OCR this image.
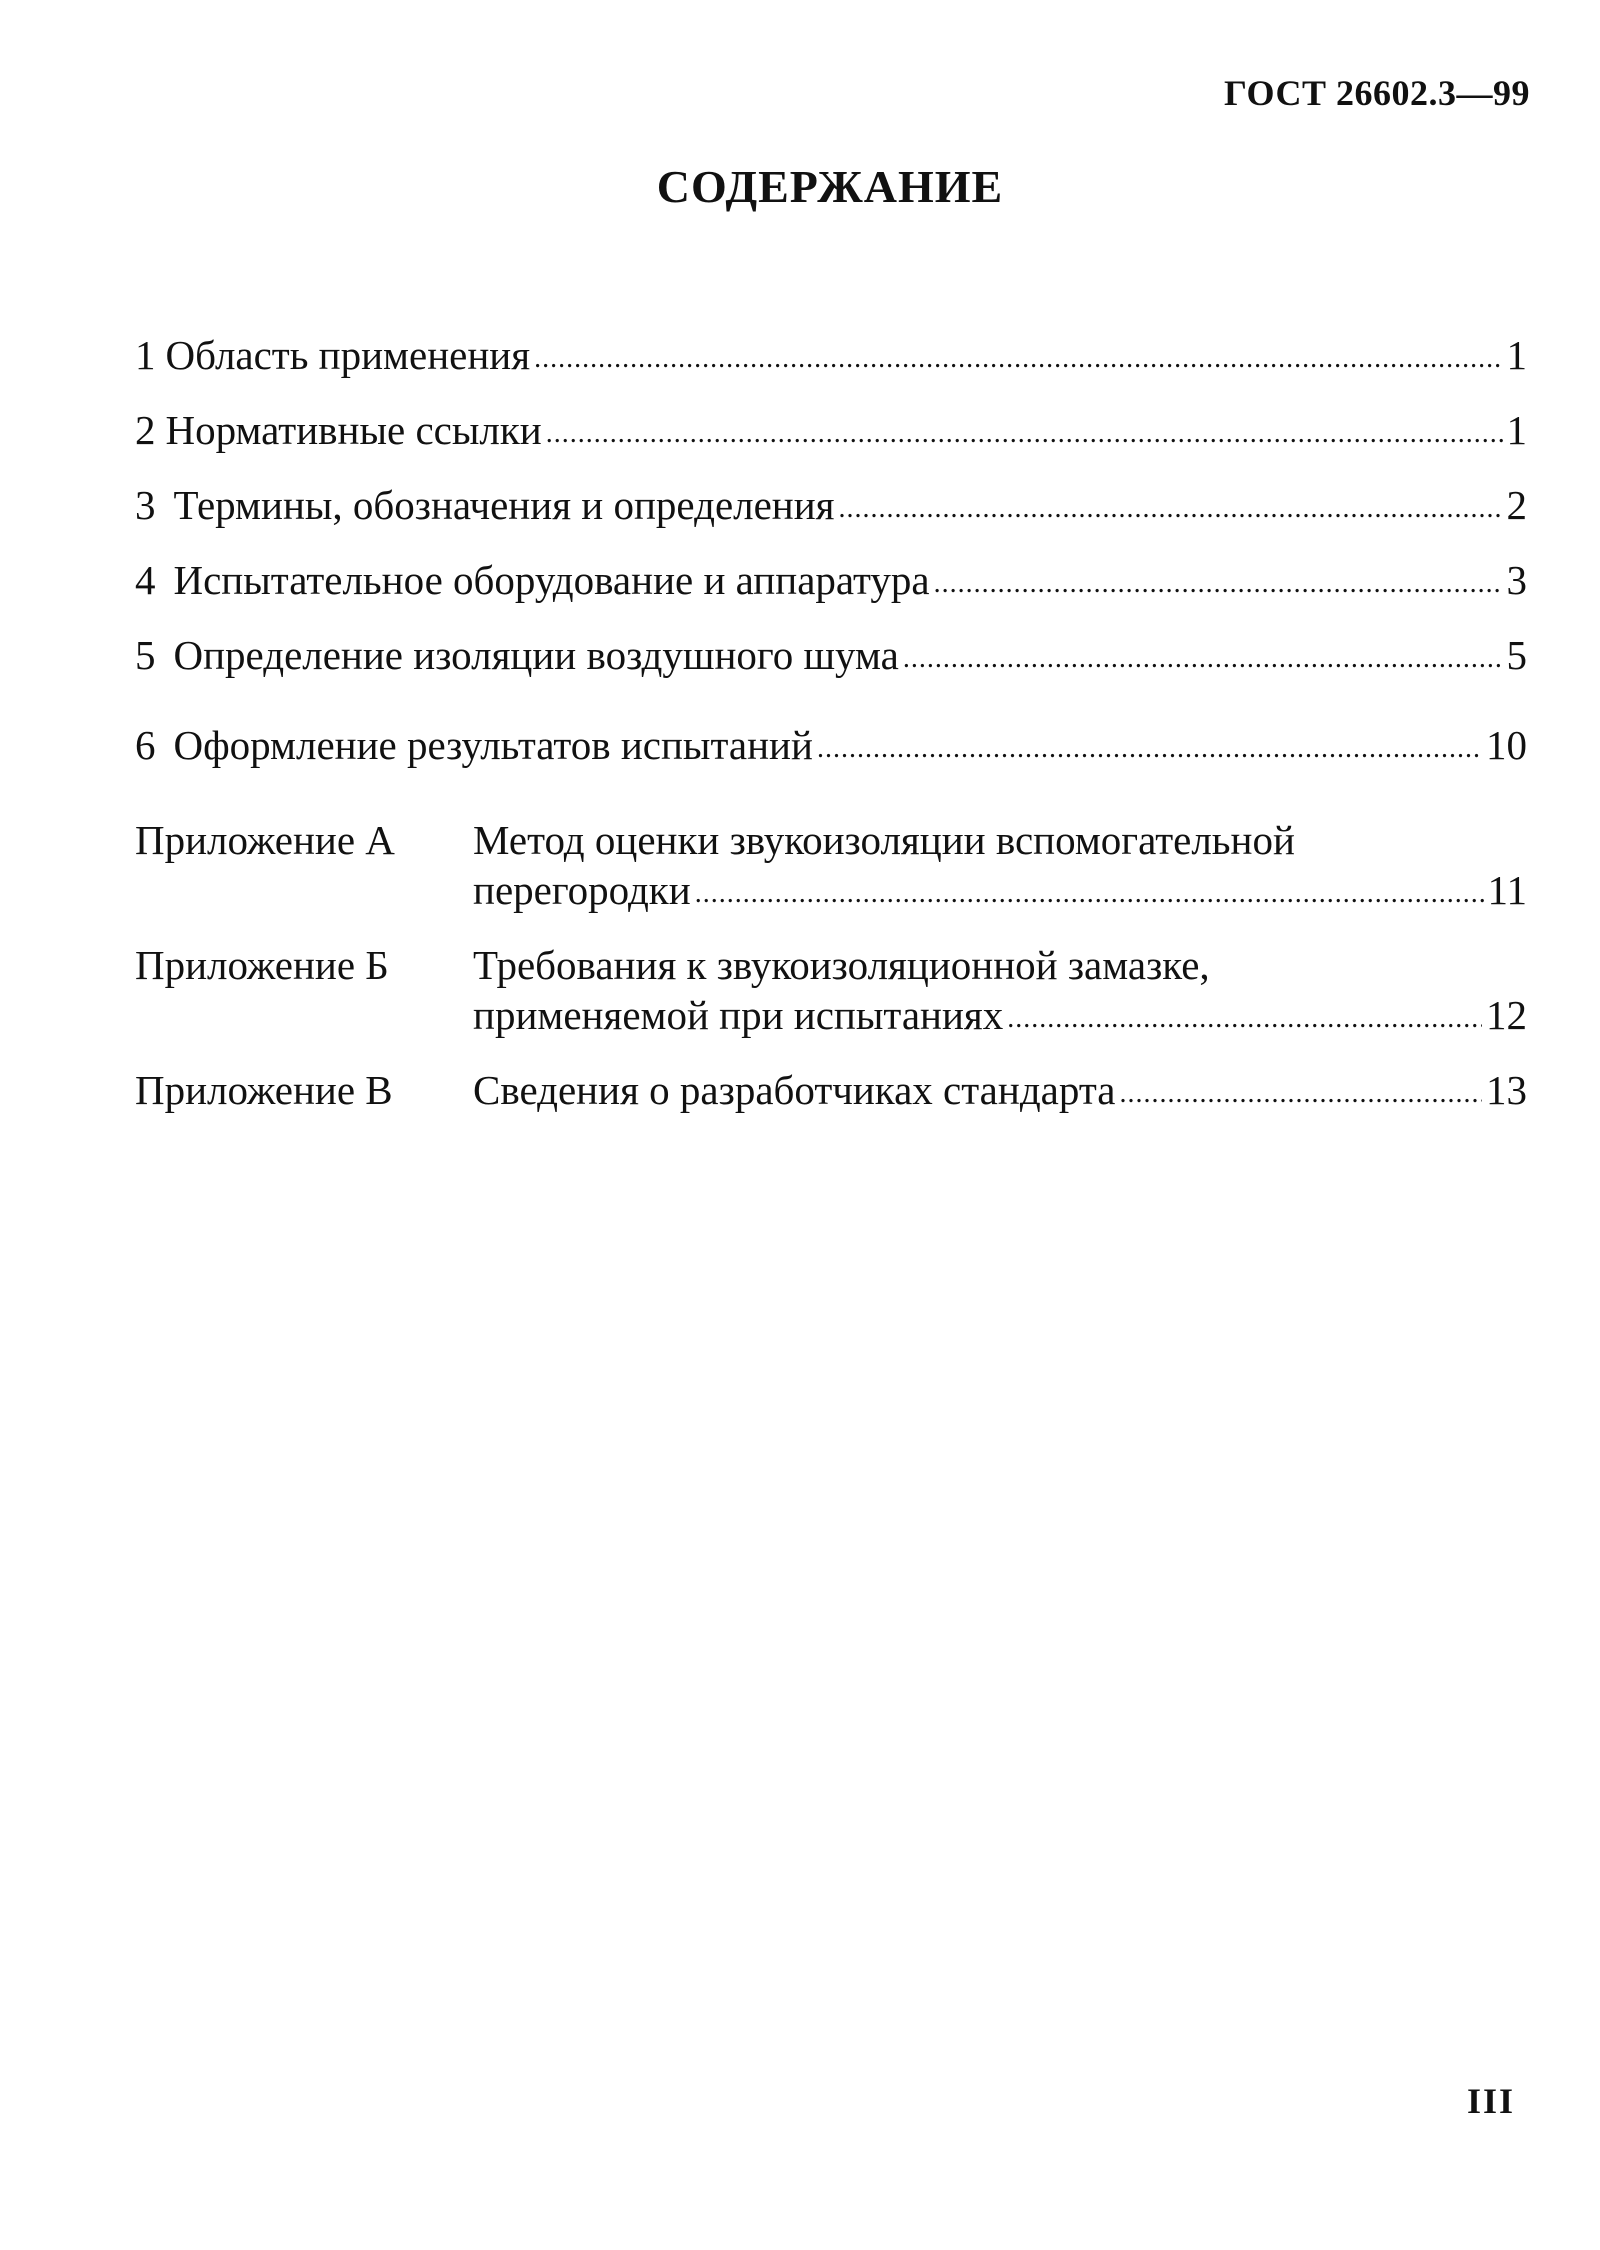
ГОСТ 26602.3—99
СОДЕРЖАНИЕ
1 Область применения .....	1
2 Нормативные ссылки .....	1
3 Термины, обозначения и определения .....	2
4 Испытательное оборудование и аппаратура .....	3
5 Определение изоляции воздушного шума .....	5
6 Оформление результатов испытаний .....	10
Приложение А Метод оценки звукоизоляции вспомогательной
перегородки .....	11
Приложение Б Требования к звукоизоляционной замазке,
применяемой при испытаниях .....	12
Приложение В Сведения о разработчиках стандарта .....	13
III
